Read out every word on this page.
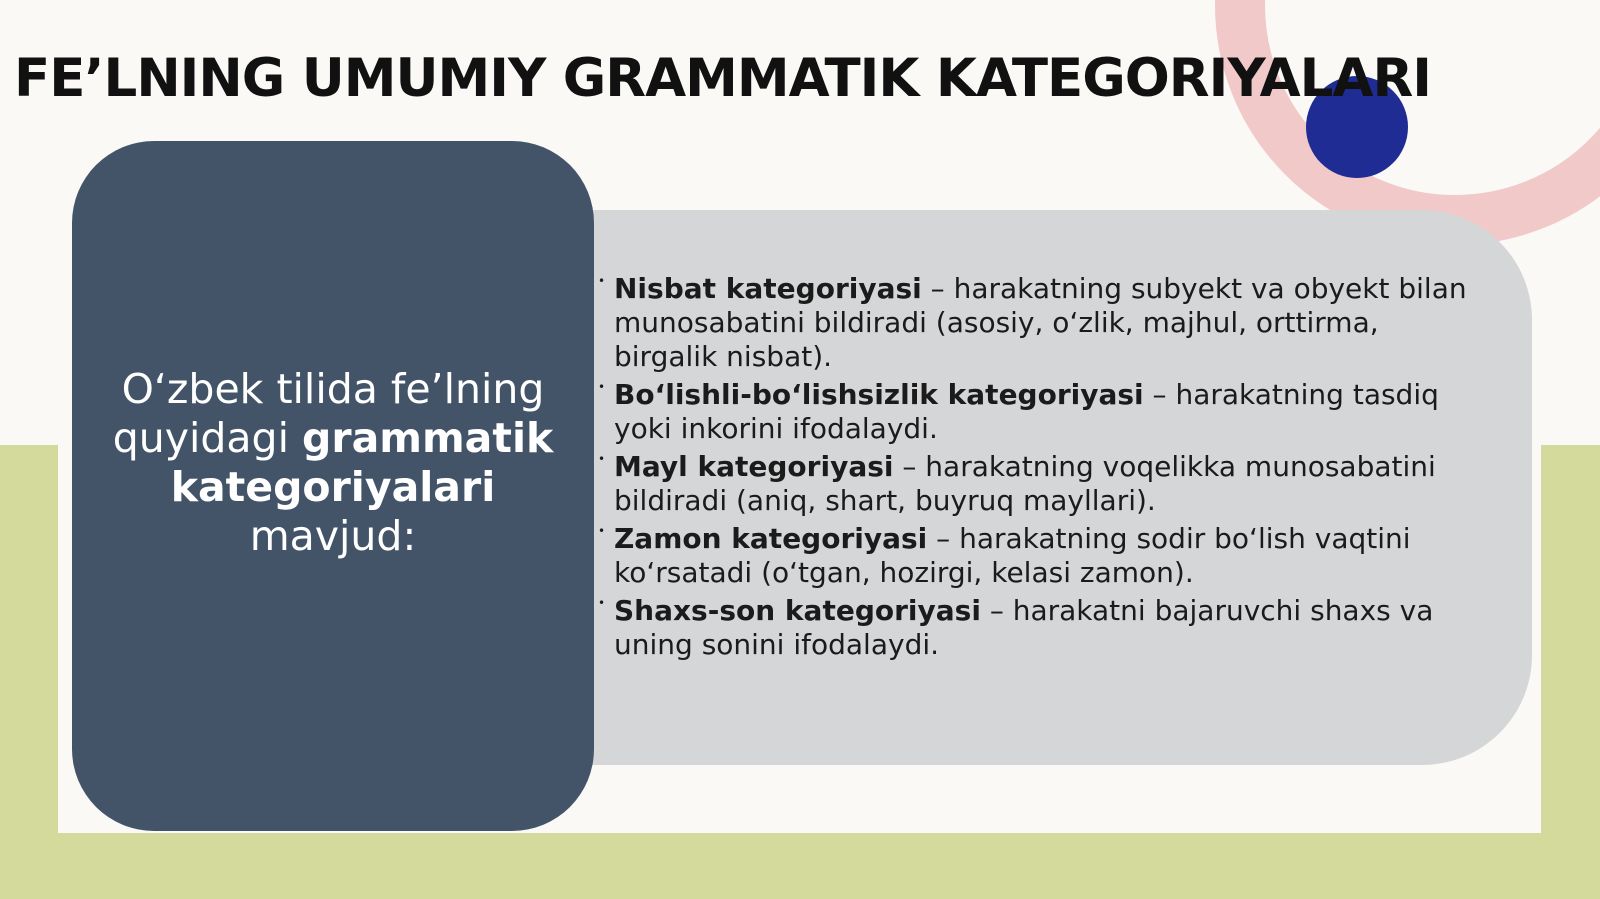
FE’LNING UMUMIY GRAMMATIK KATEGORIYALARI

O‘zbek tilida fe’lning quyidagi grammatik kategoriyalari mavjud:

• Nisbat kategoriyasi – harakatning subyekt va obyekt bilan munosabatini bildiradi (asosiy, o‘zlik, majhul, orttirma, birgalik nisbat).
• Bo‘lishli-bo‘lishsizlik kategoriyasi – harakatning tasdiq yoki inkorini ifodalaydi.
• Mayl kategoriyasi – harakatning voqelikka munosabatini bildiradi (aniq, shart, buyruq mayllari).
• Zamon kategoriyasi – harakatning sodir bo‘lish vaqtini ko‘rsatadi (o‘tgan, hozirgi, kelasi zamon).
• Shaxs-son kategoriyasi – harakatni bajaruvchi shaxs va uning sonini ifodalaydi.
